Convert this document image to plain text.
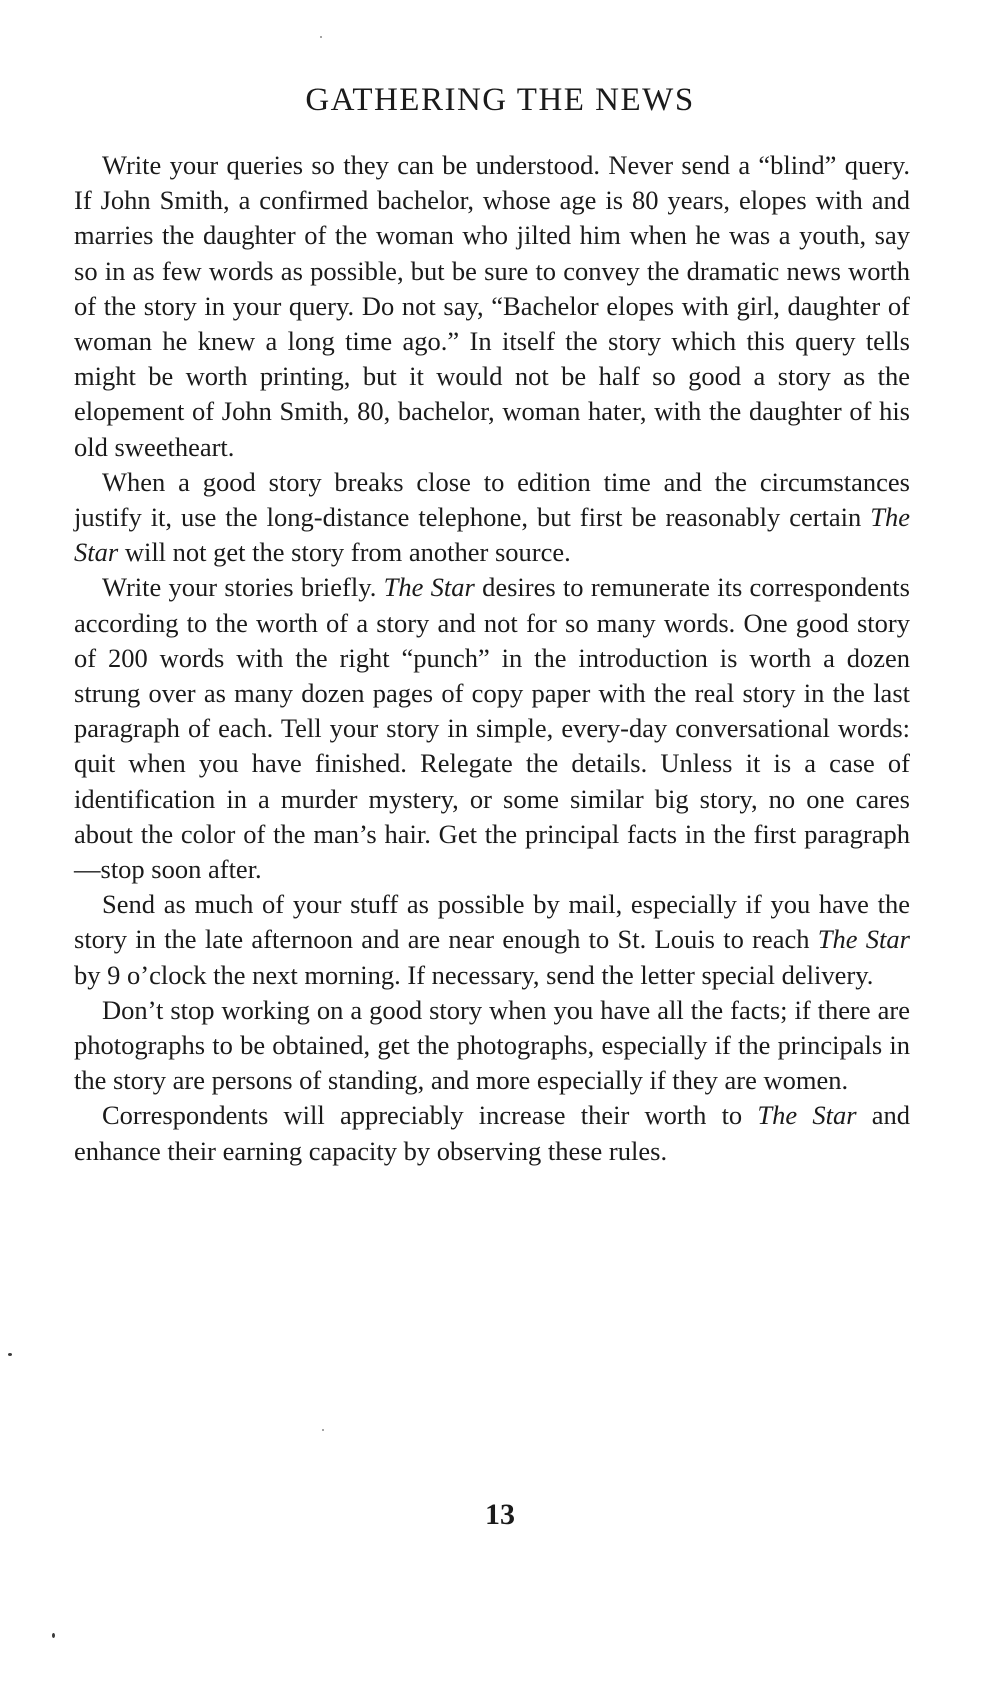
GATHERING THE NEWS

Write your queries so they can be understood. Never send a “blind” query. If John Smith, a confirmed bachelor, whose age is 80 years, elopes with and marries the daughter of the woman who jilted him when he was a youth, say so in as few words as possible, but be sure to convey the dramatic news worth of the story in your query. Do not say, “Bachelor elopes with girl, daughter of woman he knew a long time ago.” In itself the story which this query tells might be worth printing, but it would not be half so good a story as the elopement of John Smith, 80, bachelor, woman hater, with the daughter of his old sweetheart.

When a good story breaks close to edition time and the circumstances justify it, use the long-distance telephone, but first be reasonably certain The Star will not get the story from another source.

Write your stories briefly. The Star desires to remunerate its correspondents according to the worth of a story and not for so many words. One good story of 200 words with the right “punch” in the introduction is worth a dozen strung over as many dozen pages of copy paper with the real story in the last paragraph of each. Tell your story in simple, every-day conversational words: quit when you have finished. Relegate the details. Unless it is a case of identification in a murder mystery, or some similar big story, no one cares about the color of the man’s hair. Get the principal facts in the first paragraph—stop soon after.

Send as much of your stuff as possible by mail, especially if you have the story in the late afternoon and are near enough to St. Louis to reach The Star by 9 o’clock the next morning. If necessary, send the letter special delivery.

Don’t stop working on a good story when you have all the facts; if there are photographs to be obtained, get the photographs, especially if the principals in the story are persons of standing, and more especially if they are women.

Correspondents will appreciably increase their worth to The Star and enhance their earning capacity by observing these rules.

13
